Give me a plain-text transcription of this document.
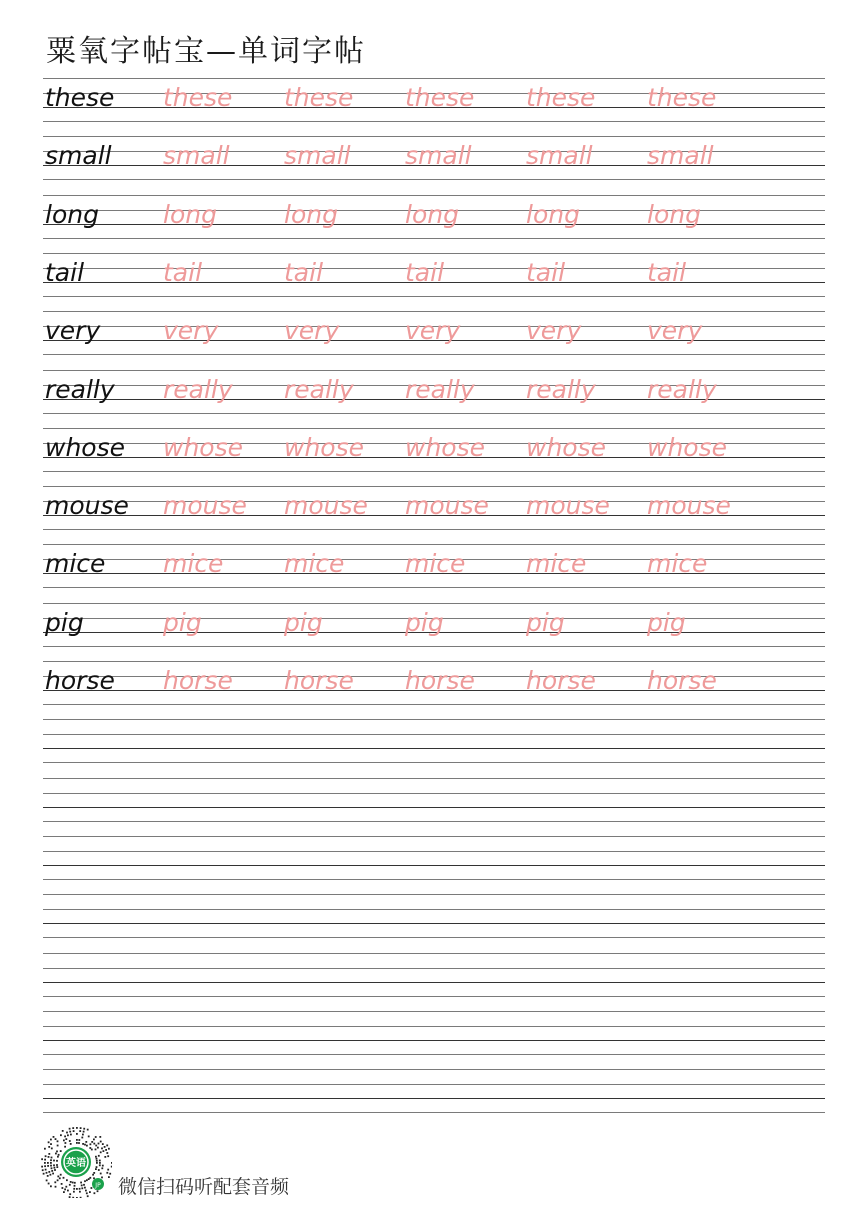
粟氧字帖宝—单词字帖
these these these these these these
small small small small small small
long	long	long	long	long	long
tail	tail	tail	tail	tail	tail
very	very	very	very	very	very
really really really really really really
whose whose whose whose whose whose
mouse mouse mouse mouse mouse mouse
mice mice mice mice mice mice
pig	pig	pig	pig	pig	pig
horse horse horse horse horse horse
英语
JP 微信扫码听配套音频
